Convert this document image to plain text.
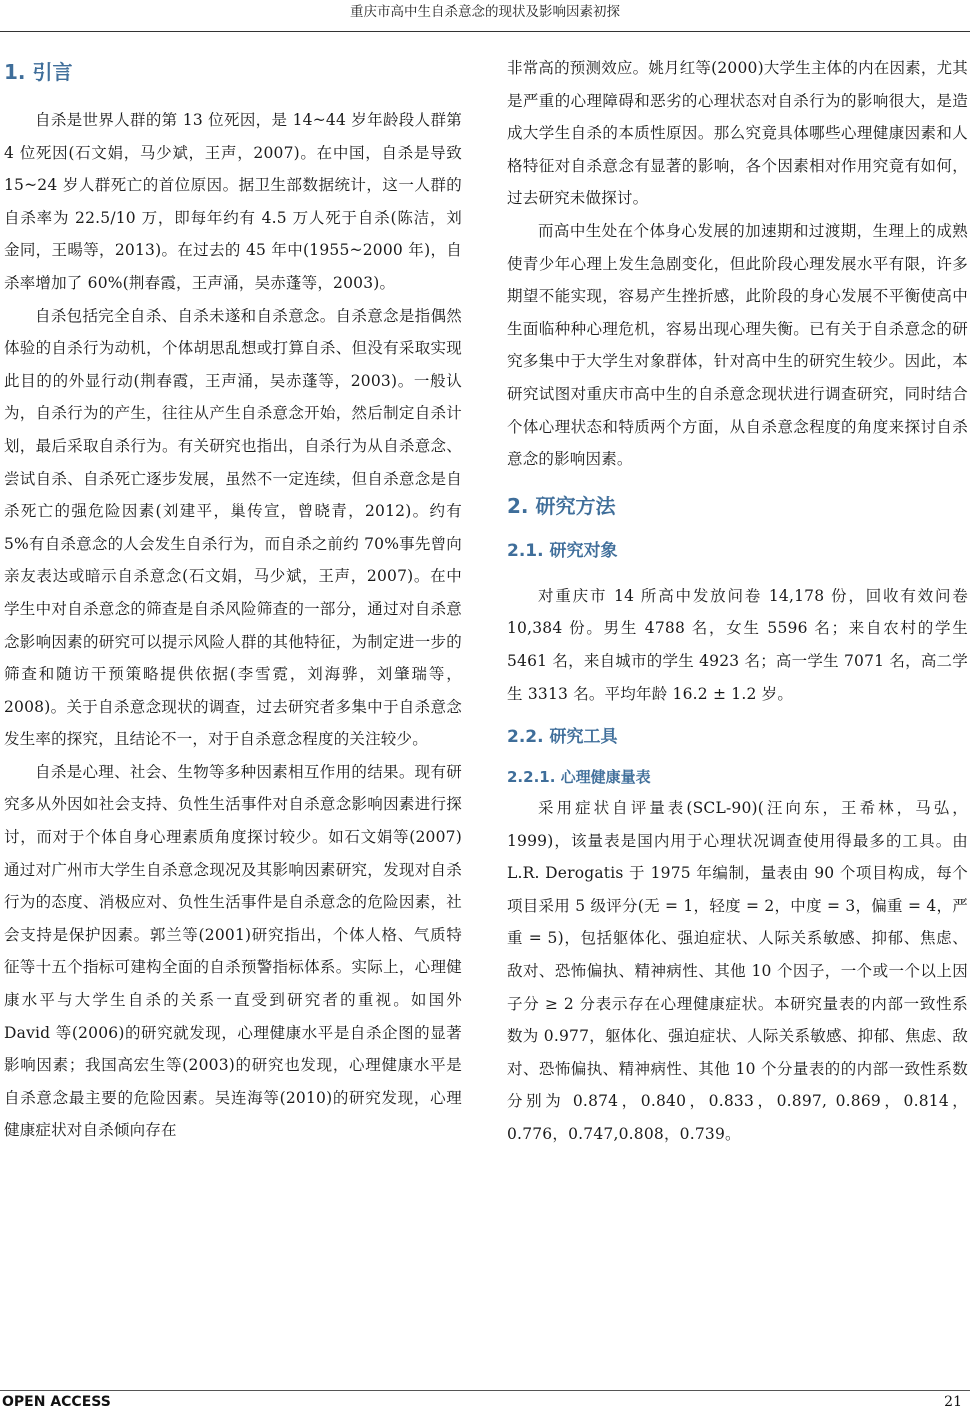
重庆市高中生自杀意念的现状及影响因素初探
1. 引言

自杀是世界人群的第 13 位死因，是 14~44 岁年龄段人群第 4 位死因(石文娟，马少斌，王声，2007)。在中国，自杀是导致 15~24 岁人群死亡的首位原因。据卫生部数据统计，这一人群的自杀率为 22.5/10 万，即每年约有 4.5 万人死于自杀(陈洁，刘金同，王暘等，2013)。在过去的 45 年中(1955~2000 年)，自杀率增加了 60%(荆春霞，王声涌，吴赤蓬等，2003)。

自杀包括完全自杀、自杀未遂和自杀意念。自杀意念是指偶然体验的自杀行为动机，个体胡思乱想或打算自杀、但没有采取实现此目的的外显行动(荆春霞，王声涌，吴赤蓬等，2003)。一般认为，自杀行为的产生，往往从产生自杀意念开始，然后制定自杀计划，最后采取自杀行为。有关研究也指出，自杀行为从自杀意念、尝试自杀、自杀死亡逐步发展，虽然不一定连续，但自杀意念是自杀死亡的强危险因素(刘建平，巢传宣，曾晓青，2012)。约有 5%有自杀意念的人会发生自杀行为，而自杀之前约 70%事先曾向亲友表达或暗示自杀意念(石文娟，马少斌，王声，2007)。在中学生中对自杀意念的筛查是自杀风险筛查的一部分，通过对自杀意念影响因素的研究可以提示风险人群的其他特征，为制定进一步的筛查和随访干预策略提供依据(李雪霓，刘海骅，刘肇瑞等，2008)。关于自杀意念现状的调查，过去研究者多集中于自杀意念发生率的探究，且结论不一，对于自杀意念程度的关注较少。

自杀是心理、社会、生物等多种因素相互作用的结果。现有研究多从外因如社会支持、负性生活事件对自杀意念影响因素进行探讨，而对于个体自身心理素质角度探讨较少。如石文娟等(2007)通过对广州市大学生自杀意念现况及其影响因素研究，发现对自杀行为的态度、消极应对、负性生活事件是自杀意念的危险因素，社会支持是保护因素。郭兰等(2001)研究指出，个体人格、气质特征等十五个指标可建构全面的自杀预警指标体系。实际上，心理健康水平与大学生自杀的关系一直受到研究者的重视。如国外 David 等(2006)的研究就发现，心理健康水平是自杀企图的显著影响因素；我国高宏生等(2003)的研究也发现，心理健康水平是自杀意念最主要的危险因素。吴连海等(2010)的研究发现，心理健康症状对自杀倾向存在

非常高的预测效应。姚月红等(2000)大学生主体的内在因素，尤其是严重的心理障碍和恶劣的心理状态对自杀行为的影响很大，是造成大学生自杀的本质性原因。那么究竟具体哪些心理健康因素和人格特征对自杀意念有显著的影响，各个因素相对作用究竟有如何，过去研究未做探讨。

而高中生处在个体身心发展的加速期和过渡期，生理上的成熟使青少年心理上发生急剧变化，但此阶段心理发展水平有限，许多期望不能实现，容易产生挫折感，此阶段的身心发展不平衡使高中生面临种种心理危机，容易出现心理失衡。已有关于自杀意念的研究多集中于大学生对象群体，针对高中生的研究生较少。因此，本研究试图对重庆市高中生的自杀意念现状进行调查研究，同时结合个体心理状态和特质两个方面，从自杀意念程度的角度来探讨自杀意念的影响因素。

2. 研究方法
2.1. 研究对象

对重庆市 14 所高中发放问卷 14,178 份，回收有效问卷 10,384 份。男生 4788 名，女生 5596 名；来自农村的学生 5461 名，来自城市的学生 4923 名；高一学生 7071 名，高二学生 3313 名。平均年龄 16.2 ± 1.2 岁。

2.2. 研究工具
2.2.1. 心理健康量表

采用症状自评量表(SCL-90)(汪向东，王希林，马弘，1999)，该量表是国内用于心理状况调查使用得最多的工具。由 L.R. Derogatis 于 1975 年编制，量表由 90 个项目构成，每个项目采用 5 级评分(无 = 1，轻度 = 2，中度 = 3，偏重 = 4，严重 = 5)，包括躯体化、强迫症状、人际关系敏感、抑郁、焦虑、敌对、恐怖偏执、精神病性、其他 10 个因子，一个或一个以上因子分 ≥ 2 分表示存在心理健康症状。本研究量表的内部一致性系数为 0.977，躯体化、强迫症状、人际关系敏感、抑郁、焦虑、敌对、恐怖偏执、精神病性、其他 10 个分量表的的内部一致性系数分别为 0.874，0.840，0.833，0.897, 0.869，0.814，0.776，0.747,0.808，0.739。

OPEN ACCESS	21
